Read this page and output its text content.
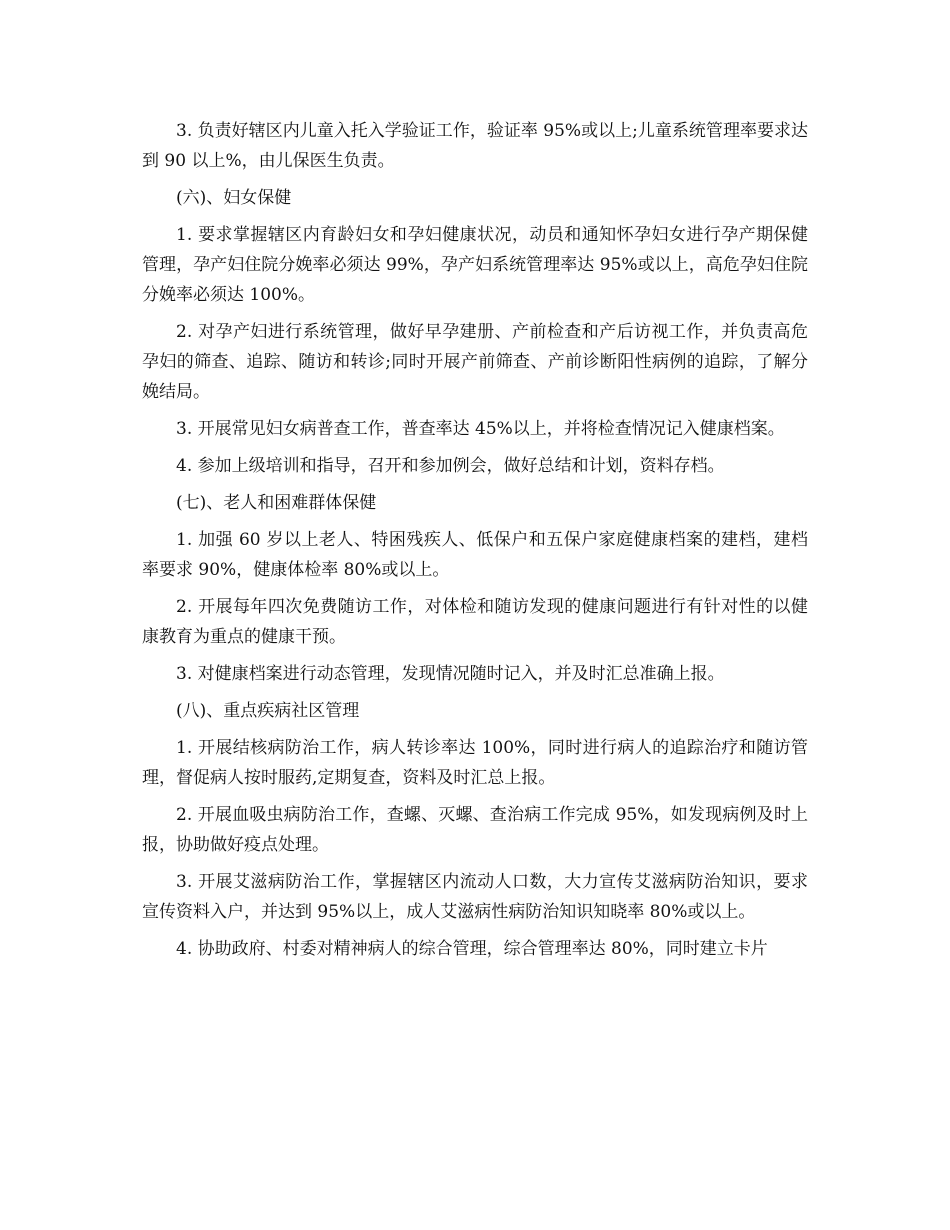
3. 负责好辖区内儿童入托入学验证工作，验证率 95%或以上;儿童系统管理率要求达到 90 以上%，由儿保医生负责。

(六)、妇女保健

1. 要求掌握辖区内育龄妇女和孕妇健康状况，动员和通知怀孕妇女进行孕产期保健管理，孕产妇住院分娩率必须达 99%，孕产妇系统管理率达 95%或以上，高危孕妇住院分娩率必须达 100%。

2. 对孕产妇进行系统管理，做好早孕建册、产前检查和产后访视工作，并负责高危孕妇的筛查、追踪、随访和转诊;同时开展产前筛查、产前诊断阳性病例的追踪，了解分娩结局。

3. 开展常见妇女病普查工作，普查率达 45%以上，并将检查情况记入健康档案。

4. 参加上级培训和指导，召开和参加例会，做好总结和计划，资料存档。

(七)、老人和困难群体保健

1. 加强 60 岁以上老人、特困残疾人、低保户和五保户家庭健康档案的建档，建档率要求 90%，健康体检率 80%或以上。

2. 开展每年四次免费随访工作，对体检和随访发现的健康问题进行有针对性的以健康教育为重点的健康干预。

3. 对健康档案进行动态管理，发现情况随时记入，并及时汇总准确上报。

(八)、重点疾病社区管理

1. 开展结核病防治工作，病人转诊率达 100%，同时进行病人的追踪治疗和随访管理，督促病人按时服药,定期复查，资料及时汇总上报。

2. 开展血吸虫病防治工作，查螺、灭螺、查治病工作完成 95%，如发现病例及时上报，协助做好疫点处理。

3. 开展艾滋病防治工作，掌握辖区内流动人口数，大力宣传艾滋病防治知识，要求宣传资料入户，并达到 95%以上，成人艾滋病性病防治知识知晓率 80%或以上。

4. 协助政府、村委对精神病人的综合管理，综合管理率达 80%，同时建立卡片
